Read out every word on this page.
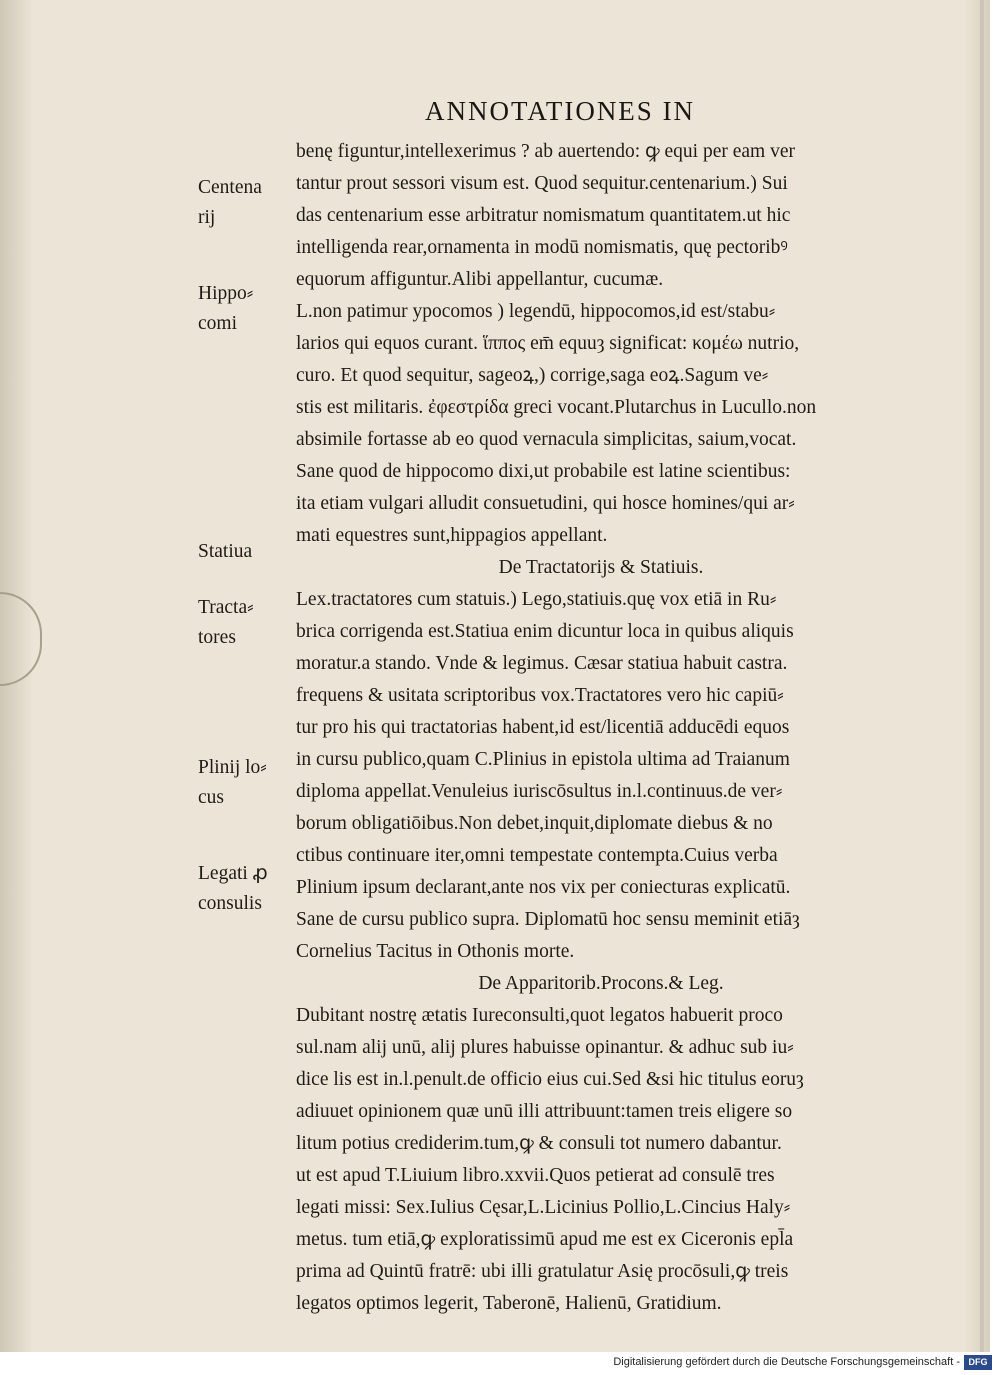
ANNOTATIONES IN
benę figuntur,intellexerimus ? ab auertendo: ꝙ equi per eam ver
tantur prout sessori visum est. Quod sequitur.centenarium.) Sui
das centenarium esse arbitratur nomismatum quantitatem.ut hic
intelligenda rear,ornamenta in modū nomismatis, quę pectoribꝰ
equorum affiguntur.Alibi appellantur, cucumæ.
L.non patimur ypocomos ) legendū, hippocomos,id est/stabu⸗
larios qui equos curant. ἵππος em̄ equuȝ significat: κομέω nutrio,
curo. Et quod sequitur, sageoꝝ,) corrige,saga eoꝝ.Sagum ve⸗
stis est militaris. ἐφεστρίδα greci vocant.Plutarchus in Lucullo.non
absimile fortasse ab eo quod vernacula simplicitas, saium,vocat.
Sane quod de hippocomo dixi,ut probabile est latine scientibus:
ita etiam vulgari alludit consuetudini, qui hosce homines/qui ar⸗
mati equestres sunt,hippagios appellant.
De Tractatorijs & Statiuis.
Lex.tractatores cum statuis.) Lego,statiuis.quę vox etiā in Ru⸗
brica corrigenda est.Statiua enim dicuntur loca in quibus aliquis
moratur.a stando. Vnde & legimus. Cæsar statiua habuit castra.
frequens & usitata scriptoribus vox.Tractatores vero hic capiū⸗
tur pro his qui tractatorias habent,id est/licentiā adducēdi equos
in cursu publico,quam C.Plinius in epistola ultima ad Traianum
diploma appellat.Venuleius iuriscōsultus in.l.continuus.de ver⸗
borum obligatiōibus.Non debet,inquit,diplomate diebus & no
ctibus continuare iter,omni tempestate contempta.Cuius verba
Plinium ipsum declarant,ante nos vix per coniecturas explicatū.
Sane de cursu publico supra. Diplomatū hoc sensu meminit etiāȝ
Cornelius Tacitus in Othonis morte.
De Apparitorib.Procons.& Leg.
Dubitant nostrę ætatis Iureconsulti,quot legatos habuerit proco
sul.nam alij unū, alij plures habuisse opinantur. & adhuc sub iu⸗
dice lis est in.l.penult.de officio eius cui.Sed &si hic titulus eoruȝ
adiuuet opinionem quæ unū illi attribuunt:tamen treis eligere so
litum potius crediderim.tum,ꝙ & consuli tot numero dabantur.
ut est apud T.Liuium libro.xxvii.Quos petierat ad consulē tres
legati missi: Sex.Iulius Cęsar,L.Licinius Pollio,L.Cincius Haly⸗
metus. tum etiā,ꝙ exploratissimū apud me est ex Ciceronis epl̄a
prima ad Quintū fratrē: ubi illi gratulatur Asię procōsuli,ꝙ treis
legatos optimos legerit, Taberonē, Halienū, Gratidium.
Centena
rij
Hippo⸗
comi
Statiua
Tracta⸗
tores
Plinij lo⸗
cus
Legati ꝓ
consulis
Digitalisierung gefördert durch die Deutsche Forschungsgemeinschaft - DFG
